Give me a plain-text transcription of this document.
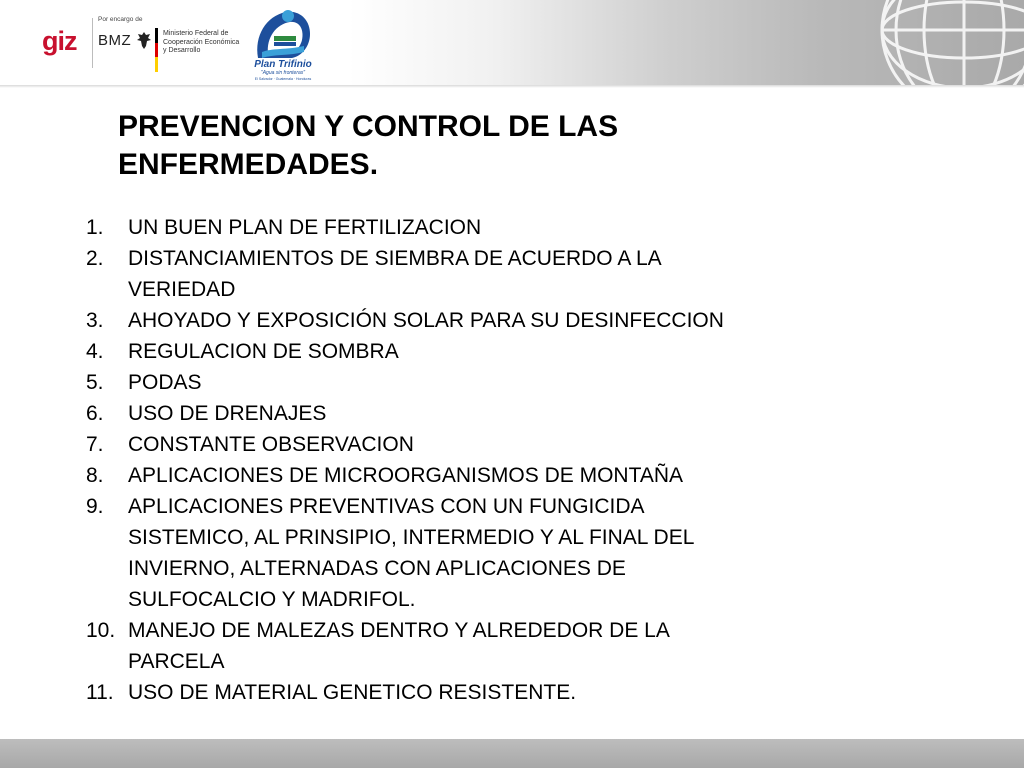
giz
Por encargo de
BMZ	Ministerio Federal de
Cooperación Económica
y Desarrollo
Plan Trifinio
"Agua sin fronteras"
El Salvador · Guatemala · Honduras
PREVENCION Y CONTROL DE LAS
ENFERMEDADES.
1. UN BUEN PLAN DE FERTILIZACION
2. DISTANCIAMIENTOS DE SIEMBRA DE ACUERDO A LA
VERIEDAD
3. AHOYADO Y EXPOSICIÓN SOLAR PARA SU DESINFECCION
4. REGULACION DE SOMBRA
5. PODAS
6. USO DE DRENAJES
7. CONSTANTE OBSERVACION
8. APLICACIONES DE MICROORGANISMOS DE MONTAÑA
9. APLICACIONES PREVENTIVAS CON UN FUNGICIDA
SISTEMICO, AL PRINSIPIO, INTERMEDIO Y AL FINAL DEL
INVIERNO, ALTERNADAS CON APLICACIONES DE
SULFOCALCIO Y MADRIFOL.
10. MANEJO DE MALEZAS DENTRO Y ALREDEDOR DE LA
PARCELA
11. USO DE MATERIAL GENETICO RESISTENTE.
